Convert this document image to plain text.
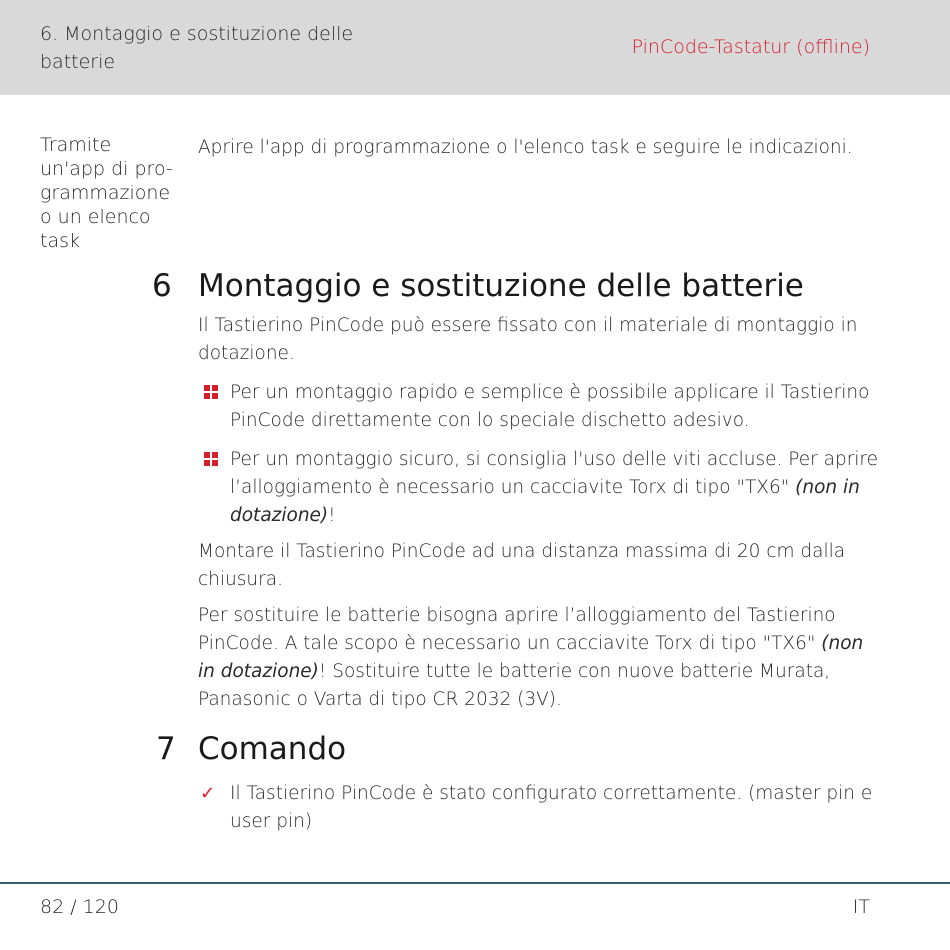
6. Montaggio e sostituzione delle batterie
PinCode-Tastatur (offline)
Tramite un'app di pro-grammazione o un elenco task

Aprire l'app di programmazione o l'elenco task e seguire le indicazioni.

6 Montaggio e sostituzione delle batterie

Il Tastierino PinCode può essere fissato con il materiale di montaggio in dotazione.

Per un montaggio rapido e semplice è possibile applicare il Tastierino PinCode direttamente con lo speciale dischetto adesivo.
Per un montaggio sicuro, si consiglia l'uso delle viti accluse. Per aprire l’alloggiamento è necessario un cacciavite Torx di tipo "TX6" (non in dotazione)!

Montare il Tastierino PinCode ad una distanza massima di 20 cm dalla chiusura.

Per sostituire le batterie bisogna aprire l’alloggiamento del Tastierino PinCode. A tale scopo è necessario un cacciavite Torx di tipo "TX6" (non in dotazione)! Sostituire tutte le batterie con nuove batterie Murata, Panasonic o Varta di tipo CR 2032 (3V).

7 Comando
✓ Il Tastierino PinCode è stato configurato correttamente. (master pin e user pin)
82 / 120	IT
